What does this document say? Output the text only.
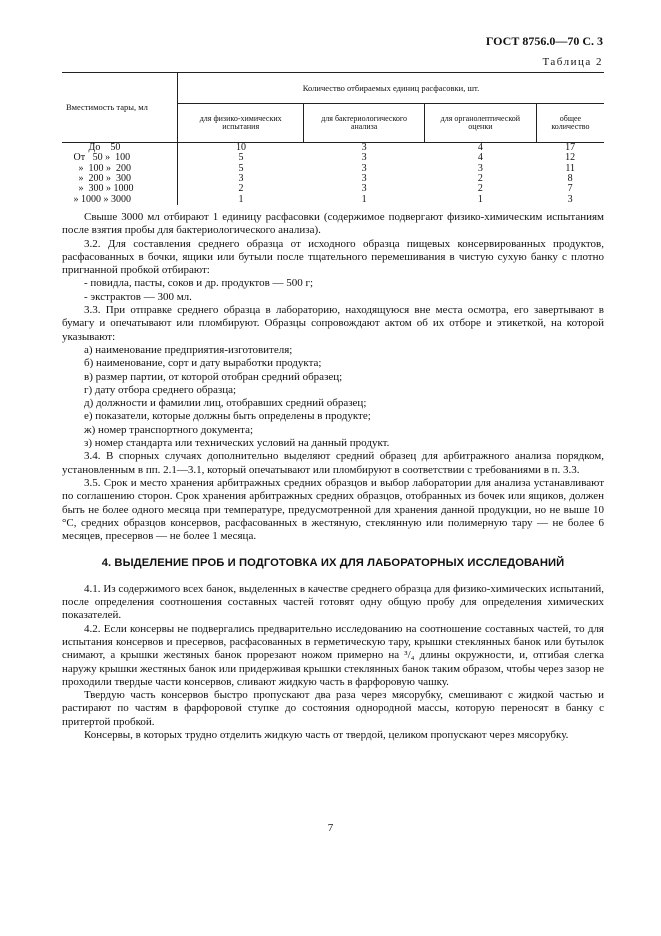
ГОСТ 8756.0—70 С. 3
Таблица 2
Вместимость тары, мл	Количество отбираемых единиц расфасовки, шт.			
	для физико-химических испытания	для бактериологического анализа	для органолептической оценки	общее количество
До    50	10	3	4	17
От   50 »  100	5	3	4	12
»  100 »  200	5	3	3	11
»  200 »  300	3	3	2	8
»  300 » 1000	2	3	2	7
» 1000 » 3000	1	1	1	3

Свыше 3000 мл отбирают 1 единицу расфасовки (содержимое подвергают физико-химическим испытаниям после взятия пробы для бактериологического анализа).

3.2. Для составления среднего образца от исходного образца пищевых консервированных продуктов, расфасованных в бочки, ящики или бутыли после тщательного перемешивания в чистую сухую банку с плотно пригнанной пробкой отбирают:

- повидла, пасты, соков и др. продуктов — 500 г;

- экстрактов — 300 мл.

3.3. При отправке среднего образца в лабораторию, находящуюся вне места осмотра, его завертывают в бумагу и опечатывают или пломбируют. Образцы сопровождают актом об их отборе и этикеткой, на которой указывают:

а) наименование предприятия-изготовителя;

б) наименование, сорт и дату выработки продукта;

в) размер партии, от которой отобран средний образец;

г) дату отбора среднего образца;

д) должности и фамилии лиц, отобравших средний образец;

е) показатели, которые должны быть определены в продукте;

ж) номер транспортного документа;

з) номер стандарта или технических условий на данный продукт.

3.4. В спорных случаях дополнительно выделяют средний образец для арбитражного анализа порядком, установленным в пп. 2.1—3.1, который опечатывают или пломбируют в соответствии с требованиями в п. 3.3.

3.5. Срок и место хранения арбитражных средних образцов и выбор лаборатории для анализа устанавливают по соглашению сторон. Срок хранения арбитражных средних образцов, отобранных из бочек или ящиков, должен быть не более одного месяца при температуре, предусмотренной для хранения данной продукции, но не выше 10 °С, средних образцов консервов, расфасованных в жестяную, стеклянную или полимерную тару — не более 6 месяцев, пресервов — не более 1 месяца.

4. ВЫДЕЛЕНИЕ ПРОБ И ПОДГОТОВКА ИХ ДЛЯ ЛАБОРАТОРНЫХ ИССЛЕДОВАНИЙ

4.1. Из содержимого всех банок, выделенных в качестве среднего образца для физико-химических испытаний, после определения соотношения составных частей готовят одну общую пробу для определения химических показателей.

4.2. Если консервы не подвергались предварительно исследованию на соотношение составных частей, то для испытания консервов и пресервов, расфасованных в герметическую тару, крышки стеклянных банок или бутылок снимают, а крышки жестяных банок прорезают ножом примерно на ³/₄ длины окружности, и, отгибая слегка наружу крышки жестяных банок или придерживая крышки стеклянных банок таким образом, чтобы через зазор не проходили твердые части консервов, сливают жидкую часть в фарфоровую чашку.

Твердую часть консервов быстро пропускают два раза через мясорубку, смешивают с жидкой частью и растирают по частям в фарфоровой ступке до состояния однородной массы, которую переносят в банку с притертой пробкой.

Консервы, в которых трудно отделить жидкую часть от твердой, целиком пропускают через мясорубку.

7
